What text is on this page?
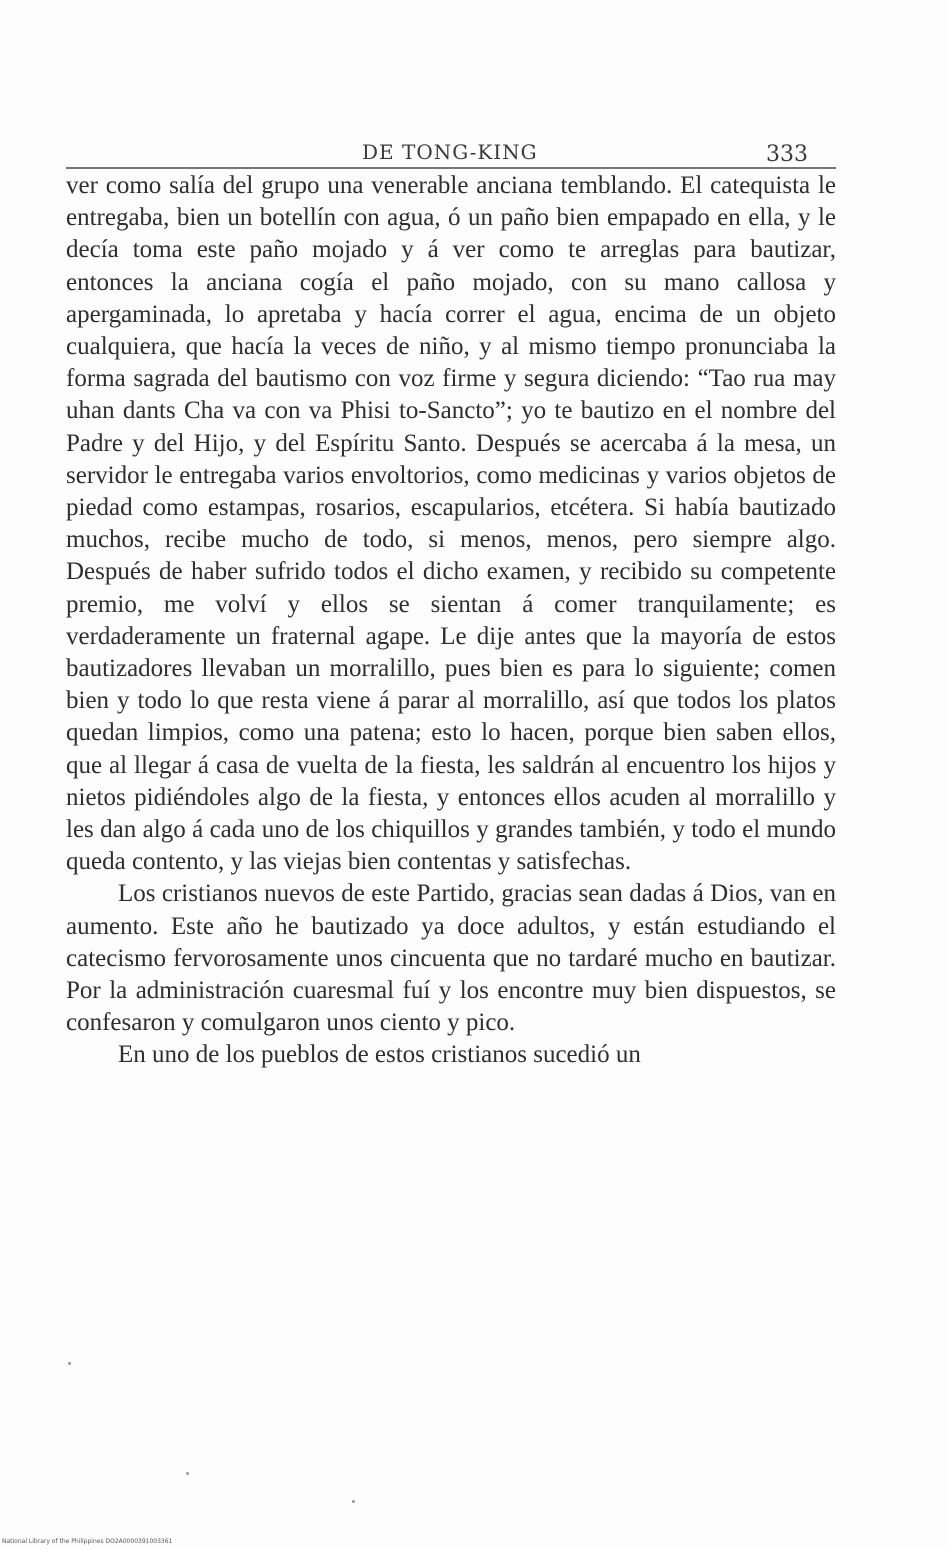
DE TONG-KING	333

ver como salía del grupo una venerable anciana temblando. El catequista le entregaba, bien un botellín con agua, ó un paño bien empapado en ella, y le decía toma este paño mojado y á ver como te arreglas para bautizar, entonces la anciana cogía el paño mojado, con su mano callosa y apergaminada, lo apretaba y hacía correr el agua, encima de un objeto cualquiera, que hacía la veces de niño, y al mismo tiempo pronunciaba la forma sagrada del bautismo con voz firme y segura diciendo: “Tao rua may uhan dants Cha va con va Phisi to-Sancto”; yo te bautizo en el nombre del Padre y del Hijo, y del Espíritu Santo. Después se acercaba á la mesa, un servidor le entregaba varios envoltorios, como medicinas y varios objetos de piedad como estampas, rosarios, escapularios, etcétera. Si había bautizado muchos, recibe mucho de todo, si menos, menos, pero siempre algo. Después de haber sufrido todos el dicho examen, y recibido su competente premio, me volví y ellos se sientan á comer tranquilamente; es verdaderamente un fraternal agape. Le dije antes que la mayoría de estos bautizadores llevaban un morralillo, pues bien es para lo siguiente; comen bien y todo lo que resta viene á parar al morralillo, así que todos los platos quedan limpios, como una patena; esto lo hacen, porque bien saben ellos, que al llegar á casa de vuelta de la fiesta, les saldrán al encuentro los hijos y nietos pidiéndoles algo de la fiesta, y entonces ellos acuden al morralillo y les dan algo á cada uno de los chiquillos y grandes también, y todo el mundo queda contento, y las viejas bien contentas y satisfechas.

Los cristianos nuevos de este Partido, gracias sean dadas á Dios, van en aumento. Este año he bautizado ya doce adultos, y están estudiando el catecismo fervorosamente unos cincuenta que no tardaré mucho en bautizar. Por la administración cuaresmal fuí y los encontre muy bien dispuestos, se confesaron y comulgaron unos ciento y pico.

En uno de los pueblos de estos cristianos sucedió un

National Library of the Philippines DO2A0000391003361
